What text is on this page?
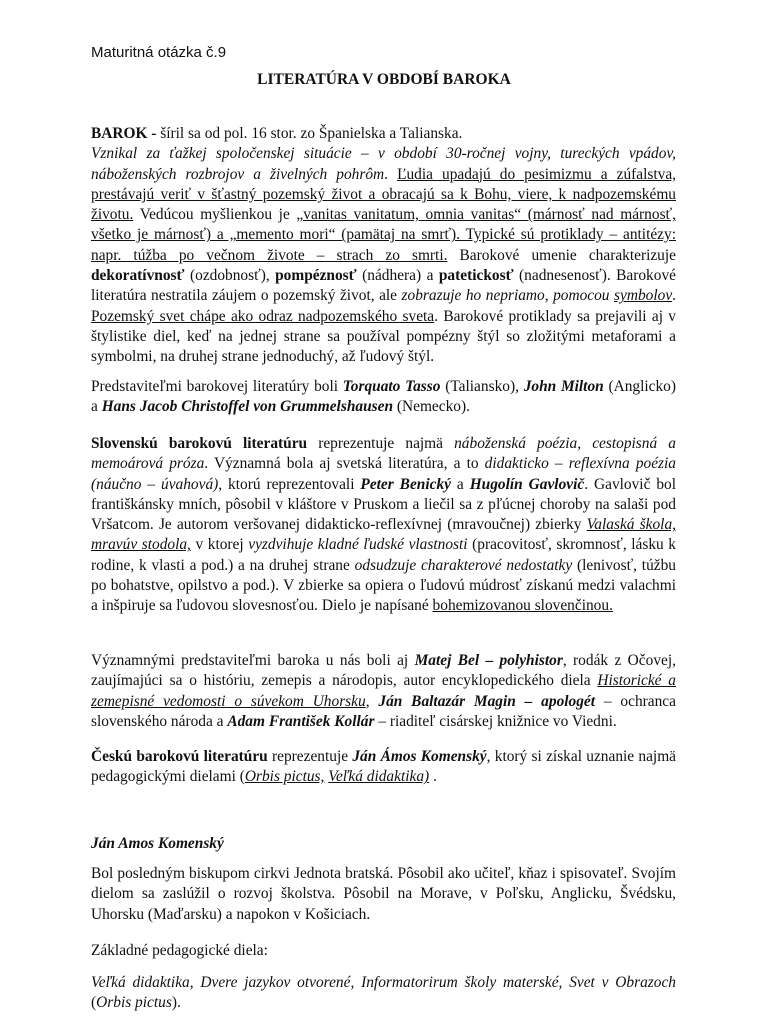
Maturitná otázka č.9

LITERATÚRA V OBDOBÍ BAROKA

BAROK - šíril sa od pol. 16 stor. zo Španielska a Talianska.
Vznikal za ťažkej spoločenskej situácie – v období 30-ročnej vojny, tureckých vpádov, náboženských rozbrojov a živelných pohrôm. Ľudia upadajú do pesimizmu a zúfalstva, prestávajú veriť v šťastný pozemský život a obracajú sa k Bohu, viere, k nadpozemskému životu. Vedúcou myšlienkou je „vanitas vanitatum, omnia vanitas“ (márnosť nad márnosť, všetko je márnosť) a „memento mori“ (pamätaj na smrť). Typické sú protiklady – antitézy: napr. túžba po večnom živote – strach zo smrti. Barokové umenie charakterizuje dekoratívnosť (ozdobnosť), pompéznosť (nádhera) a patetickosť (nadnesenosť). Barokové literatúra nestratila záujem o pozemský život, ale zobrazuje ho nepriamo, pomocou symbolov. Pozemský svet chápe ako odraz nadpozemského sveta. Barokové protiklady sa prejavili aj v štylistike diel, keď na jednej strane sa používal pompézny štýl so zložitými metaforami a symbolmi, na druhej strane jednoduchý, až ľudový štýl.

Predstaviteľmi barokovej literatúry boli Torquato Tasso (Taliansko), John Milton (Anglicko) a Hans Jacob Christoffel von Grummelshausen (Nemecko).

Slovenskú barokovú literatúru reprezentuje najmä náboženská poézia, cestopisná a memoárová próza. Významná bola aj svetská literatúra, a to didakticko – reflexívna poézia (náučno – úvahová), ktorú reprezentovali Peter Benický a Hugolín Gavlovič. Gavlovič bol františkánsky mních, pôsobil v kláštore v Pruskom a liečil sa z pľúcnej choroby na salaši pod Vršatcom. Je autorom veršovanej didakticko-reflexívnej (mravoučnej) zbierky Valaská škola, mravúv stodola, v ktorej vyzdvihuje kladné ľudské vlastnosti (pracovitosť, skromnosť, lásku k rodine, k vlasti a pod.) a na druhej strane odsudzuje charakterové nedostatky (lenivosť, túžbu po bohatstve, opilstvo a pod.). V zbierke sa opiera o ľudovú múdrosť získanú medzi valachmi a inšpiruje sa ľudovou slovesnosťou. Dielo je napísané bohemizovanou slovenčinou.

Významnými predstaviteľmi baroka u nás boli aj Matej Bel – polyhistor, rodák z Očovej, zaujímajúci sa o históriu, zemepis a národopis, autor encyklopedického diela Historické a zemepisné vedomosti o súvekom Uhorsku, Ján Baltazár Magin – apologét – ochranca slovenského národa a Adam František Kollár – riaditeľ cisárskej knižnice vo Viedni.

Českú barokovú literatúru reprezentuje Ján Ámos Komenský, ktorý si získal uznanie najmä pedagogickými dielami (Orbis pictus, Veľká didaktika) .

Ján Amos Komenský

Bol posledným biskupom cirkvi Jednota bratská. Pôsobil ako učiteľ, kňaz i spisovateľ. Svojím dielom sa zaslúžil o rozvoj školstva. Pôsobil na Morave, v Poľsku, Anglicku, Švédsku, Uhorsku (Maďarsku) a napokon v Košiciach.

Základné pedagogické diela:

Veľká didaktika, Dvere jazykov otvorené, Informatorirum školy materské, Svet v Obrazoch (Orbis pictus).
